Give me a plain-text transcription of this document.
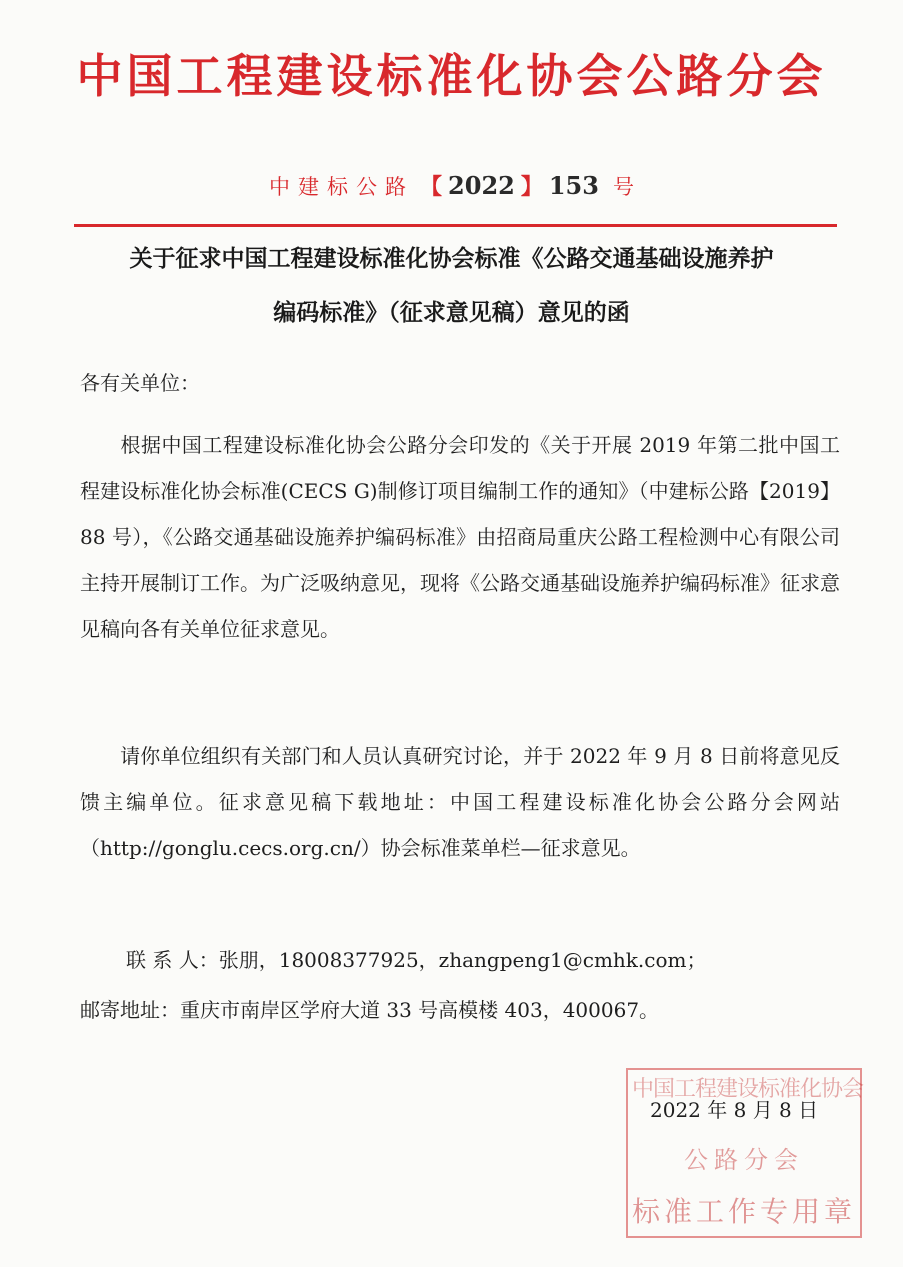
中国工程建设标准化协会公路分会
中建标公路 【 2022 】 153 号
关于征求中国工程建设标准化协会标准《公路交通基础设施养护
编码标准》（征求意见稿）意见的函
各有关单位：
根据中国工程建设标准化协会公路分会印发的《关于开展 2019 年第二批中国工程建设标准化协会标准(CECS G)制修订项目编制工作的通知》（中建标公路【2019】88 号），《公路交通基础设施养护编码标准》由招商局重庆公路工程检测中心有限公司主持开展制订工作。为广泛吸纳意见，现将《公路交通基础设施养护编码标准》征求意见稿向各有关单位征求意见。
请你单位组织有关部门和人员认真研究讨论，并于 2022 年 9 月 8 日前将意见反馈主编单位。征求意见稿下载地址：中国工程建设标准化协会公路分会网站（http://gonglu.cecs.org.cn/）协会标准菜单栏—征求意见。
联 系 人：张朋，18008377925，zhangpeng1@cmhk.com；
邮寄地址：重庆市南岸区学府大道 33 号高模楼 403，400067。
中国工程建设标准化协会
公路分会
标准工作专用章
2022 年 8 月 8 日
